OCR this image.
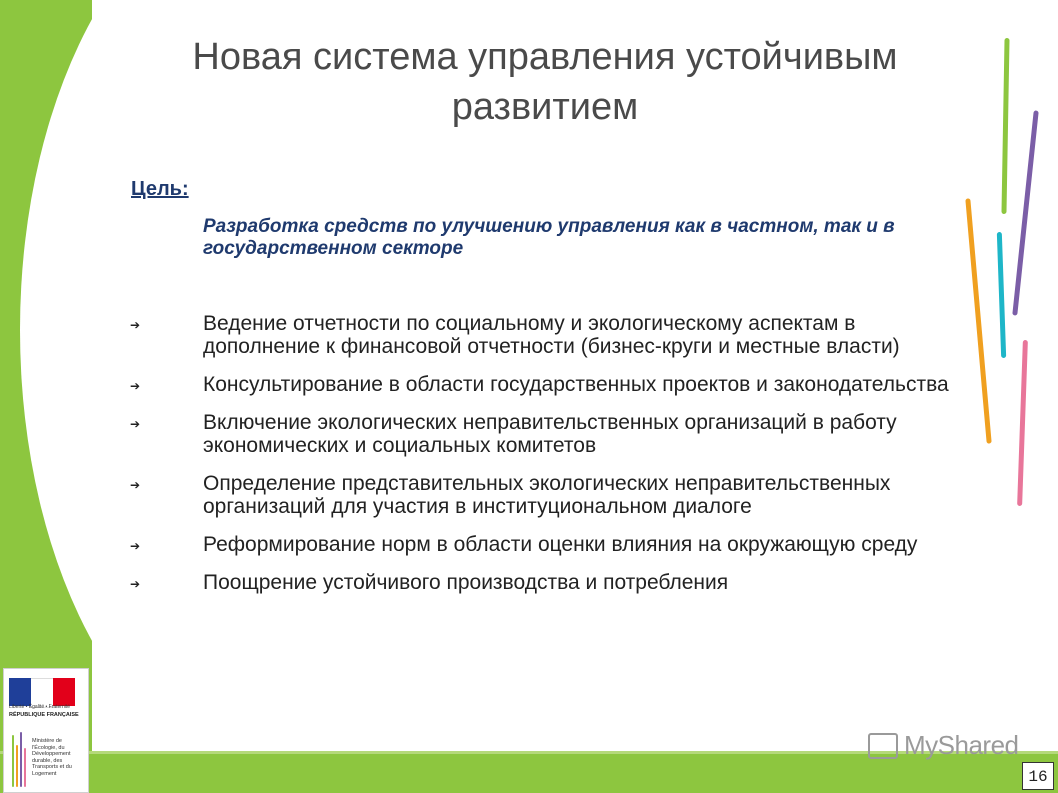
Новая система управления устойчивым развитием
Цель:
Разработка средств по улучшению управления как в частном, так и в государственном секторе
➔	Ведение отчетности по социальному и экологическому аспектам в дополнение к финансовой отчетности (бизнес-круги и местные власти)
➔	Консультирование в области государственных проектов и законодательства
➔	Включение экологических неправительственных организаций в работу экономических и социальных комитетов
➔	Определение представительных экологических неправительственных организаций для участия в институциональном диалоге
➔	Реформирование норм в области оценки влияния на окружающую среду
➔	Поощрение устойчивого производства и потребления
Liberté • Égalité • Fraternité
RÉPUBLIQUE FRANÇAISE
Ministère de l'Écologie, du Développement durable, des Transports et du Logement
MyShared
16
